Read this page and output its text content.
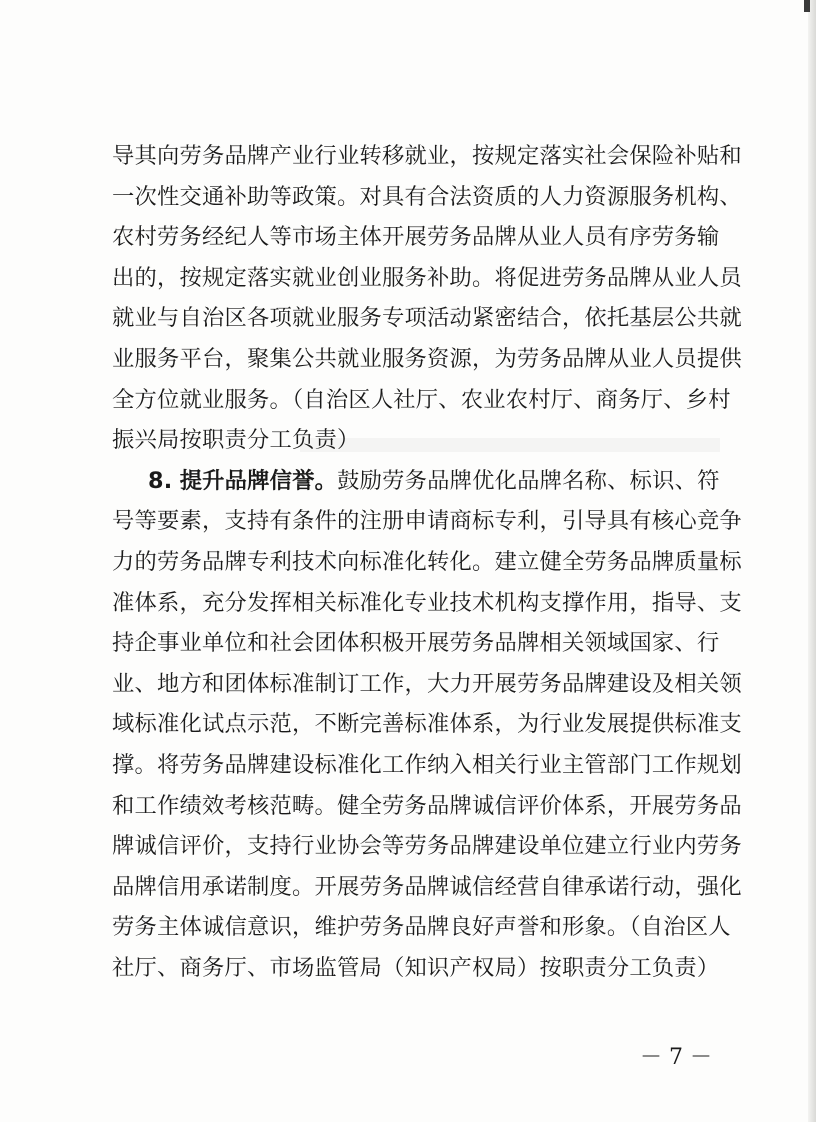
导其向劳务品牌产业行业转移就业，按规定落实社会保险补贴和
一次性交通补助等政策。对具有合法资质的人力资源服务机构、
农村劳务经纪人等市场主体开展劳务品牌从业人员有序劳务输
出的，按规定落实就业创业服务补助。将促进劳务品牌从业人员
就业与自治区各项就业服务专项活动紧密结合，依托基层公共就
业服务平台，聚集公共就业服务资源，为劳务品牌从业人员提供
全方位就业服务。（自治区人社厅、农业农村厅、商务厅、乡村
振兴局按职责分工负责）
8. 提升品牌信誉。鼓励劳务品牌优化品牌名称、标识、符
号等要素，支持有条件的注册申请商标专利，引导具有核心竞争
力的劳务品牌专利技术向标准化转化。建立健全劳务品牌质量标
准体系，充分发挥相关标准化专业技术机构支撑作用，指导、支
持企事业单位和社会团体积极开展劳务品牌相关领域国家、行
业、地方和团体标准制订工作，大力开展劳务品牌建设及相关领
域标准化试点示范，不断完善标准体系，为行业发展提供标准支
撑。将劳务品牌建设标准化工作纳入相关行业主管部门工作规划
和工作绩效考核范畴。健全劳务品牌诚信评价体系，开展劳务品
牌诚信评价，支持行业协会等劳务品牌建设单位建立行业内劳务
品牌信用承诺制度。开展劳务品牌诚信经营自律承诺行动，强化
劳务主体诚信意识，维护劳务品牌良好声誉和形象。（自治区人
社厅、商务厅、市场监管局（知识产权局）按职责分工负责）
－ 7 －
